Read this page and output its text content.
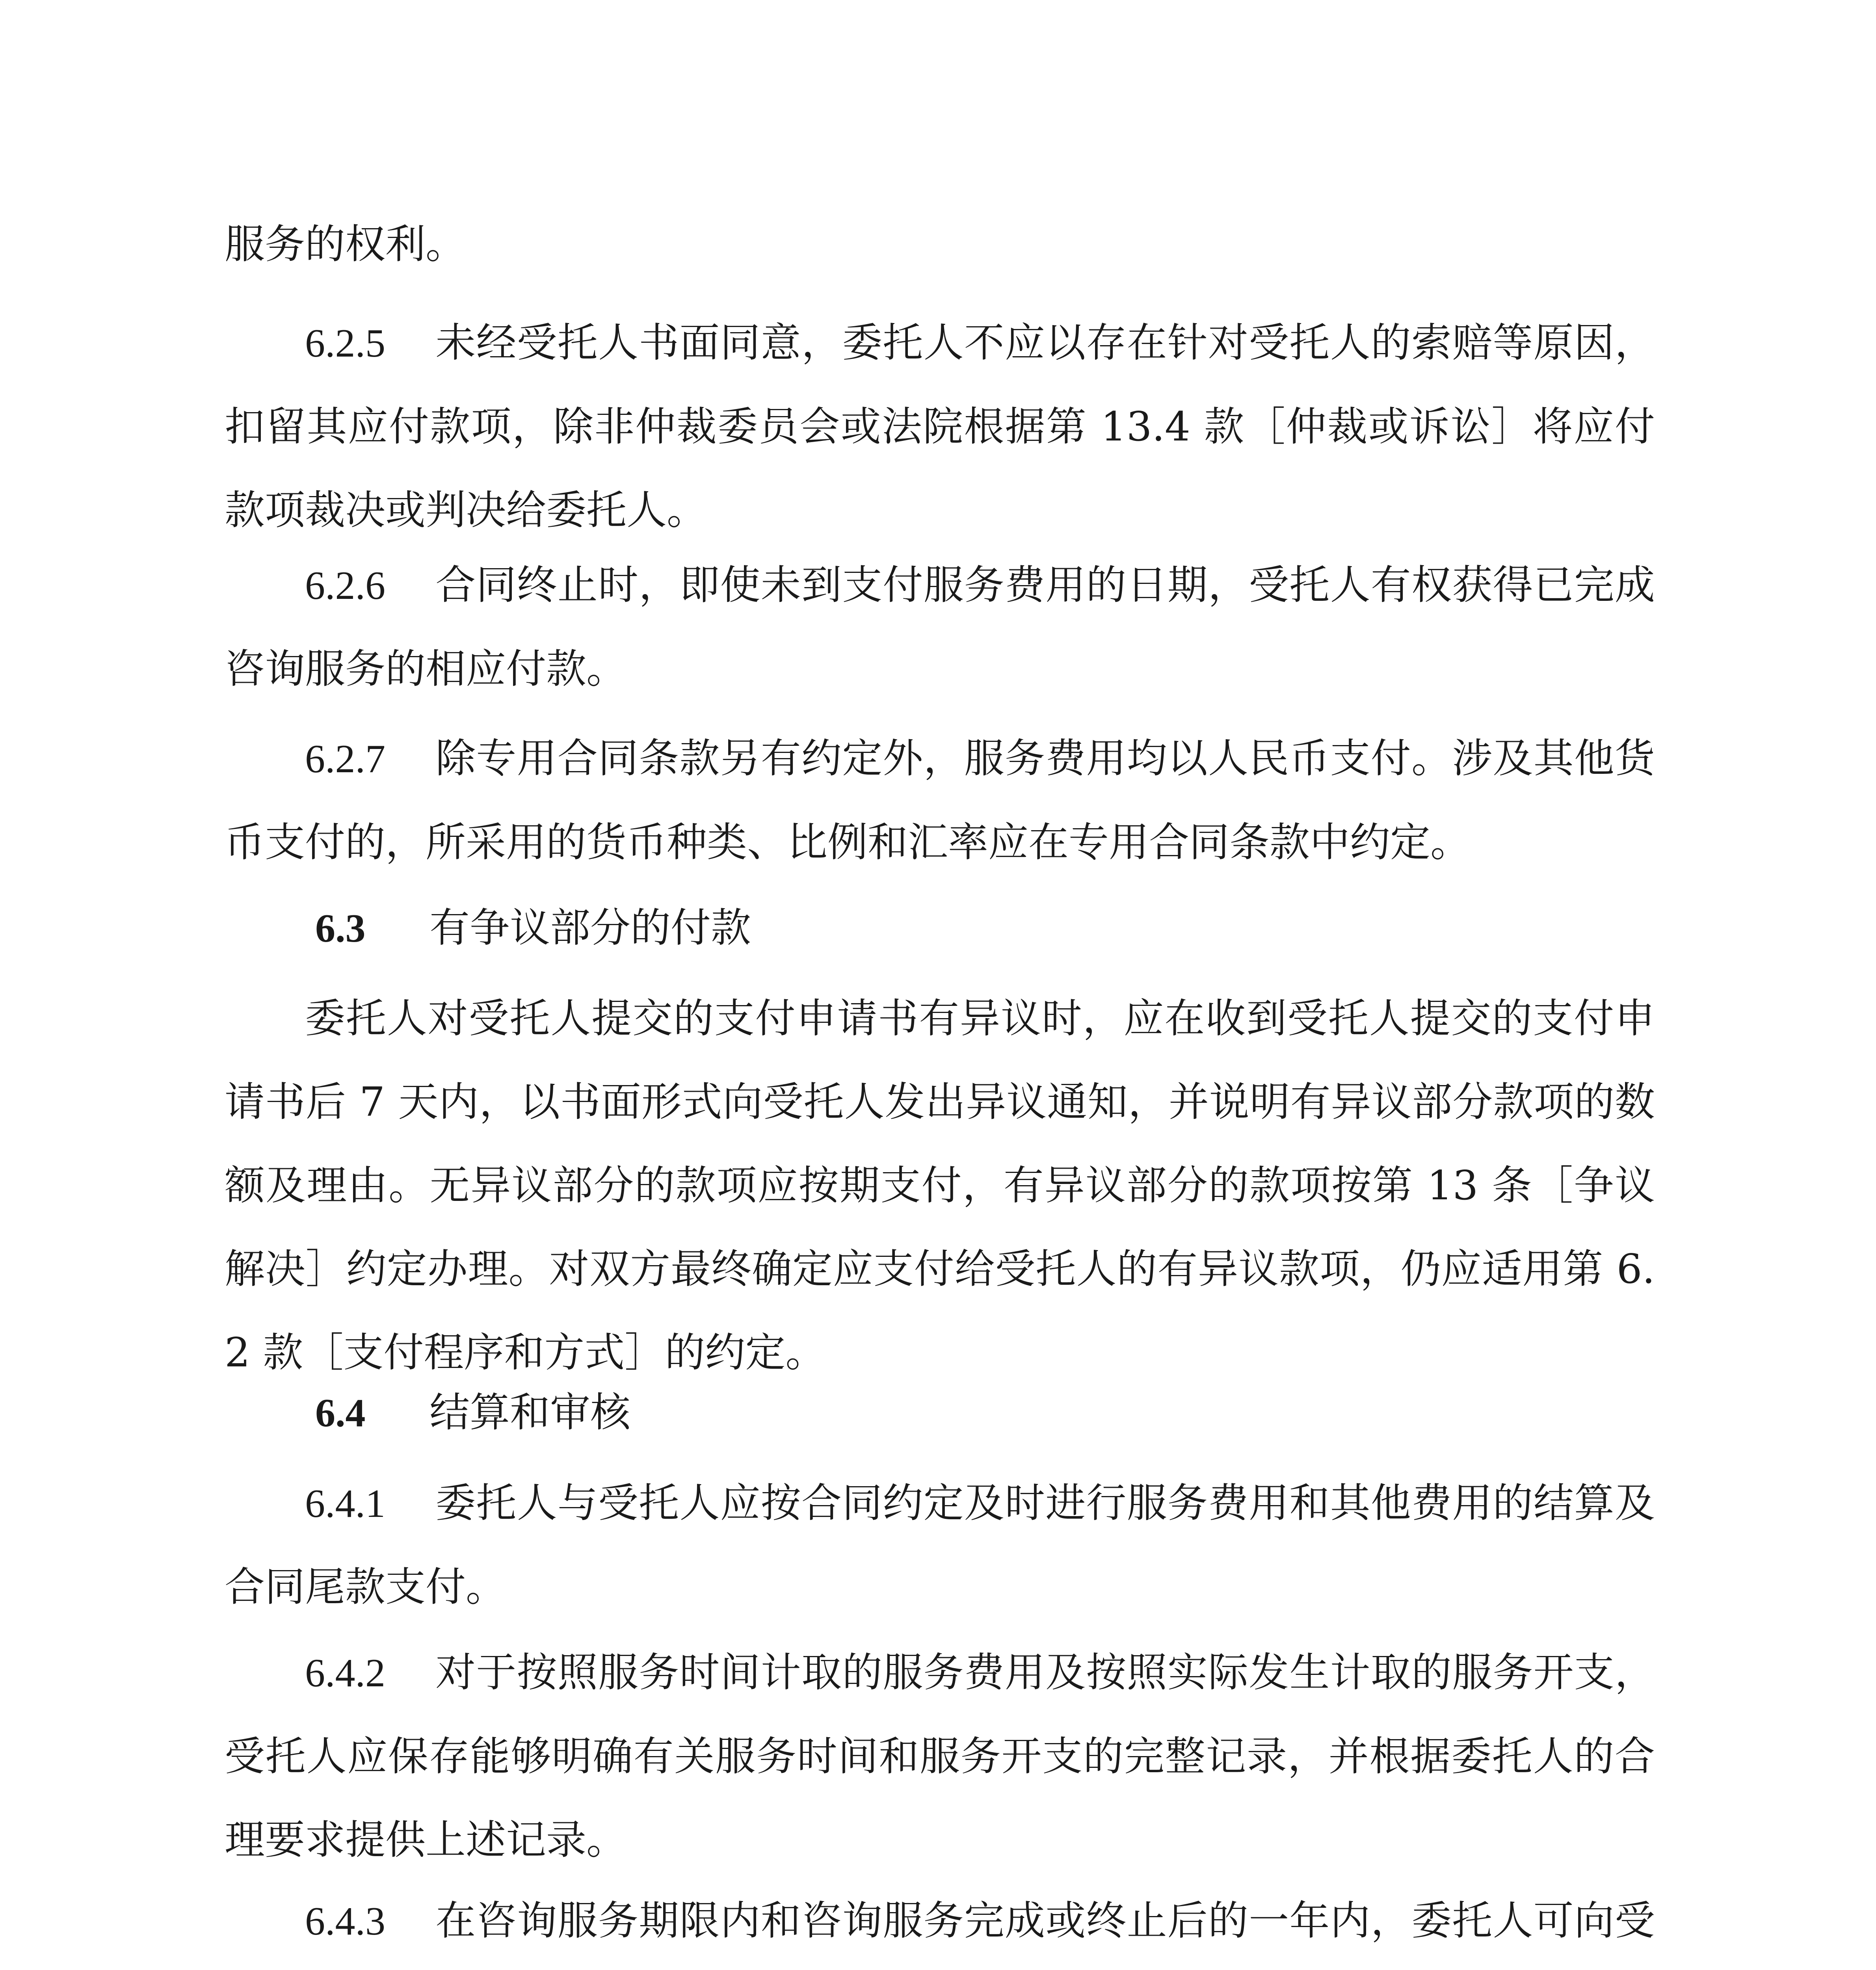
服务的权利。

6.2.5 未经受托人书面同意，委托人不应以存在针对受托人的索赔等原因，扣留其应付款项，除非仲裁委员会或法院根据第 13.4 款［仲裁或诉讼］将应付款项裁决或判决给委托人。

6.2.6 合同终止时，即使未到支付服务费用的日期，受托人有权获得已完成咨询服务的相应付款。

6.2.7 除专用合同条款另有约定外，服务费用均以人民币支付。涉及其他货币支付的，所采用的货币种类、比例和汇率应在专用合同条款中约定。

6.3 有争议部分的付款

委托人对受托人提交的支付申请书有异议时，应在收到受托人提交的支付申请书后 7 天内，以书面形式向受托人发出异议通知，并说明有异议部分款项的数额及理由。无异议部分的款项应按期支付，有异议部分的款项按第 13 条［争议解决］约定办理。对双方最终确定应支付给受托人的有异议款项，仍应适用第 6.2 款［支付程序和方式］的约定。

6.4 结算和审核

6.4.1 委托人与受托人应按合同约定及时进行服务费用和其他费用的结算及合同尾款支付。

6.4.2 对于按照服务时间计取的服务费用及按照实际发生计取的服务开支，受托人应保存能够明确有关服务时间和服务开支的完整记录，并根据委托人的合理要求提供上述记录。

6.4.3 在咨询服务期限内和咨询服务完成或终止后的一年内，委托人可向受
